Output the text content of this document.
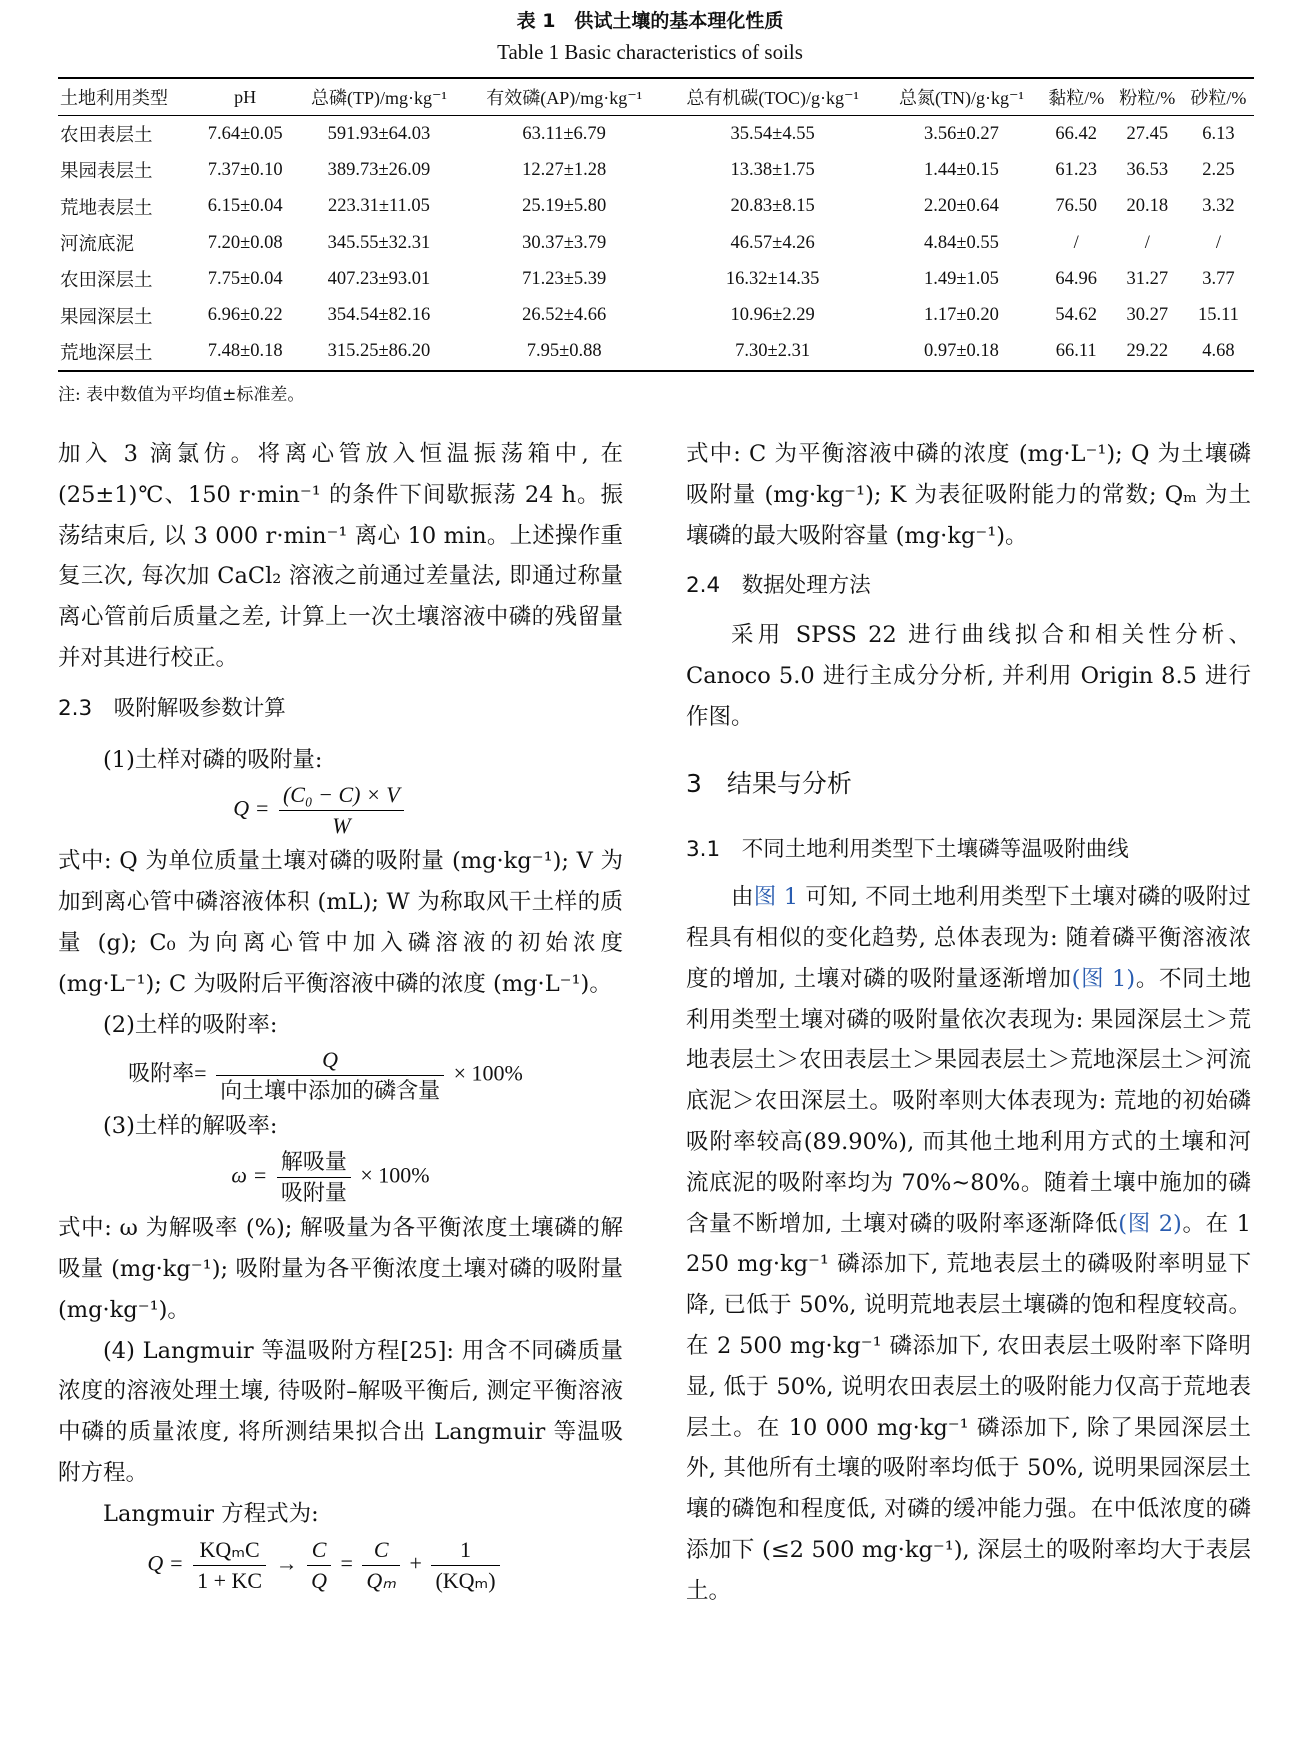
表 1　供试土壤的基本理化性质
Table 1 Basic characteristics of soils
土地利用类型	pH	总磷(TP)/mg·kg⁻¹	有效磷(AP)/mg·kg⁻¹	总有机碳(TOC)/g·kg⁻¹	总氮(TN)/g·kg⁻¹	黏粒/%	粉粒/%	砂粒/%
农田表层土	7.64±0.05	591.93±64.03	63.11±6.79	35.54±4.55	3.56±0.27	66.42	27.45	6.13
果园表层土	7.37±0.10	389.73±26.09	12.27±1.28	13.38±1.75	1.44±0.15	61.23	36.53	2.25
荒地表层土	6.15±0.04	223.31±11.05	25.19±5.80	20.83±8.15	2.20±0.64	76.50	20.18	3.32
河流底泥	7.20±0.08	345.55±32.31	30.37±3.79	46.57±4.26	4.84±0.55	/	/	/
农田深层土	7.75±0.04	407.23±93.01	71.23±5.39	16.32±14.35	1.49±1.05	64.96	31.27	3.77
果园深层土	6.96±0.22	354.54±82.16	26.52±4.66	10.96±2.29	1.17±0.20	54.62	30.27	15.11
荒地深层土	7.48±0.18	315.25±86.20	7.95±0.88	7.30±2.31	0.97±0.18	66.11	29.22	4.68
注: 表中数值为平均值±标准差。

加入 3 滴氯仿。将离心管放入恒温振荡箱中, 在(25±1)℃、150 r·min⁻¹ 的条件下间歇振荡 24 h。振荡结束后, 以 3 000 r·min⁻¹ 离心 10 min。上述操作重复三次, 每次加 CaCl₂ 溶液之前通过差量法, 即通过称量离心管前后质量之差, 计算上一次土壤溶液中磷的残留量并对其进行校正。

2.3　吸附解吸参数计算

(1)土样对磷的吸附量:

$Q = \frac{\text{(C₀ − C) × V}}{W}$

式中: Q 为单位质量土壤对磷的吸附量 (mg·kg⁻¹); V 为加到离心管中磷溶液体积 (mL); W 为称取风干土样的质量 (g); C₀ 为向离心管中加入磷溶液的初始浓度 (mg·L⁻¹); C 为吸附后平衡溶液中磷的浓度 (mg·L⁻¹)。

(2)土样的吸附率:

吸附率= $\frac{Q}{\text{向土壤中添加的磷含量}} \times 100\%$

(3)土样的解吸率:

$\omega = \frac{\text{解吸量}}{\text{吸附量}} \times 100\%$

式中: ω 为解吸率 (%); 解吸量为各平衡浓度土壤磷的解吸量 (mg·kg⁻¹); 吸附量为各平衡浓度土壤对磷的吸附量 (mg·kg⁻¹)。

(4) Langmuir 等温吸附方程[25]: 用含不同磷质量浓度的溶液处理土壤, 待吸附–解吸平衡后, 测定平衡溶液中磷的质量浓度, 将所测结果拟合出 Langmuir 等温吸附方程。

Langmuir 方程式为:

$Q = \frac{\text{KQₘC}}{1 + KC} \to \frac{C}{Q} = \frac{C}{\text{Qₘ}} + \frac{1}{\text{(KQₘ)}}$

式中: C 为平衡溶液中磷的浓度 (mg·L⁻¹); Q 为土壤磷吸附量 (mg·kg⁻¹); K 为表征吸附能力的常数; Qₘ 为土壤磷的最大吸附容量 (mg·kg⁻¹)。

2.4　数据处理方法

采用 SPSS 22 进行曲线拟合和相关性分析、Canoco 5.0 进行主成分分析, 并利用 Origin 8.5 进行作图。

3　结果与分析

3.1　不同土地利用类型下土壤磷等温吸附曲线

由图 1 可知, 不同土地利用类型下土壤对磷的吸附过程具有相似的变化趋势, 总体表现为: 随着磷平衡溶液浓度的增加, 土壤对磷的吸附量逐渐增加(图 1)。不同土地利用类型土壤对磷的吸附量依次表现为: 果园深层土＞荒地表层土＞农田表层土＞果园表层土＞荒地深层土＞河流底泥＞农田深层土。吸附率则大体表现为: 荒地的初始磷吸附率较高(89.90%), 而其他土地利用方式的土壤和河流底泥的吸附率均为 70%~80%。随着土壤中施加的磷含量不断增加, 土壤对磷的吸附率逐渐降低(图 2)。在 1 250 mg·kg⁻¹ 磷添加下, 荒地表层土的磷吸附率明显下降, 已低于 50%, 说明荒地表层土壤磷的饱和程度较高。在 2 500 mg·kg⁻¹ 磷添加下, 农田表层土吸附率下降明显, 低于 50%, 说明农田表层土的吸附能力仅高于荒地表层土。在 10 000 mg·kg⁻¹ 磷添加下, 除了果园深层土外, 其他所有土壤的吸附率均低于 50%, 说明果园深层土壤的磷饱和程度低, 对磷的缓冲能力强。在中低浓度的磷添加下 (≤2 500 mg·kg⁻¹), 深层土的吸附率均大于表层土。
